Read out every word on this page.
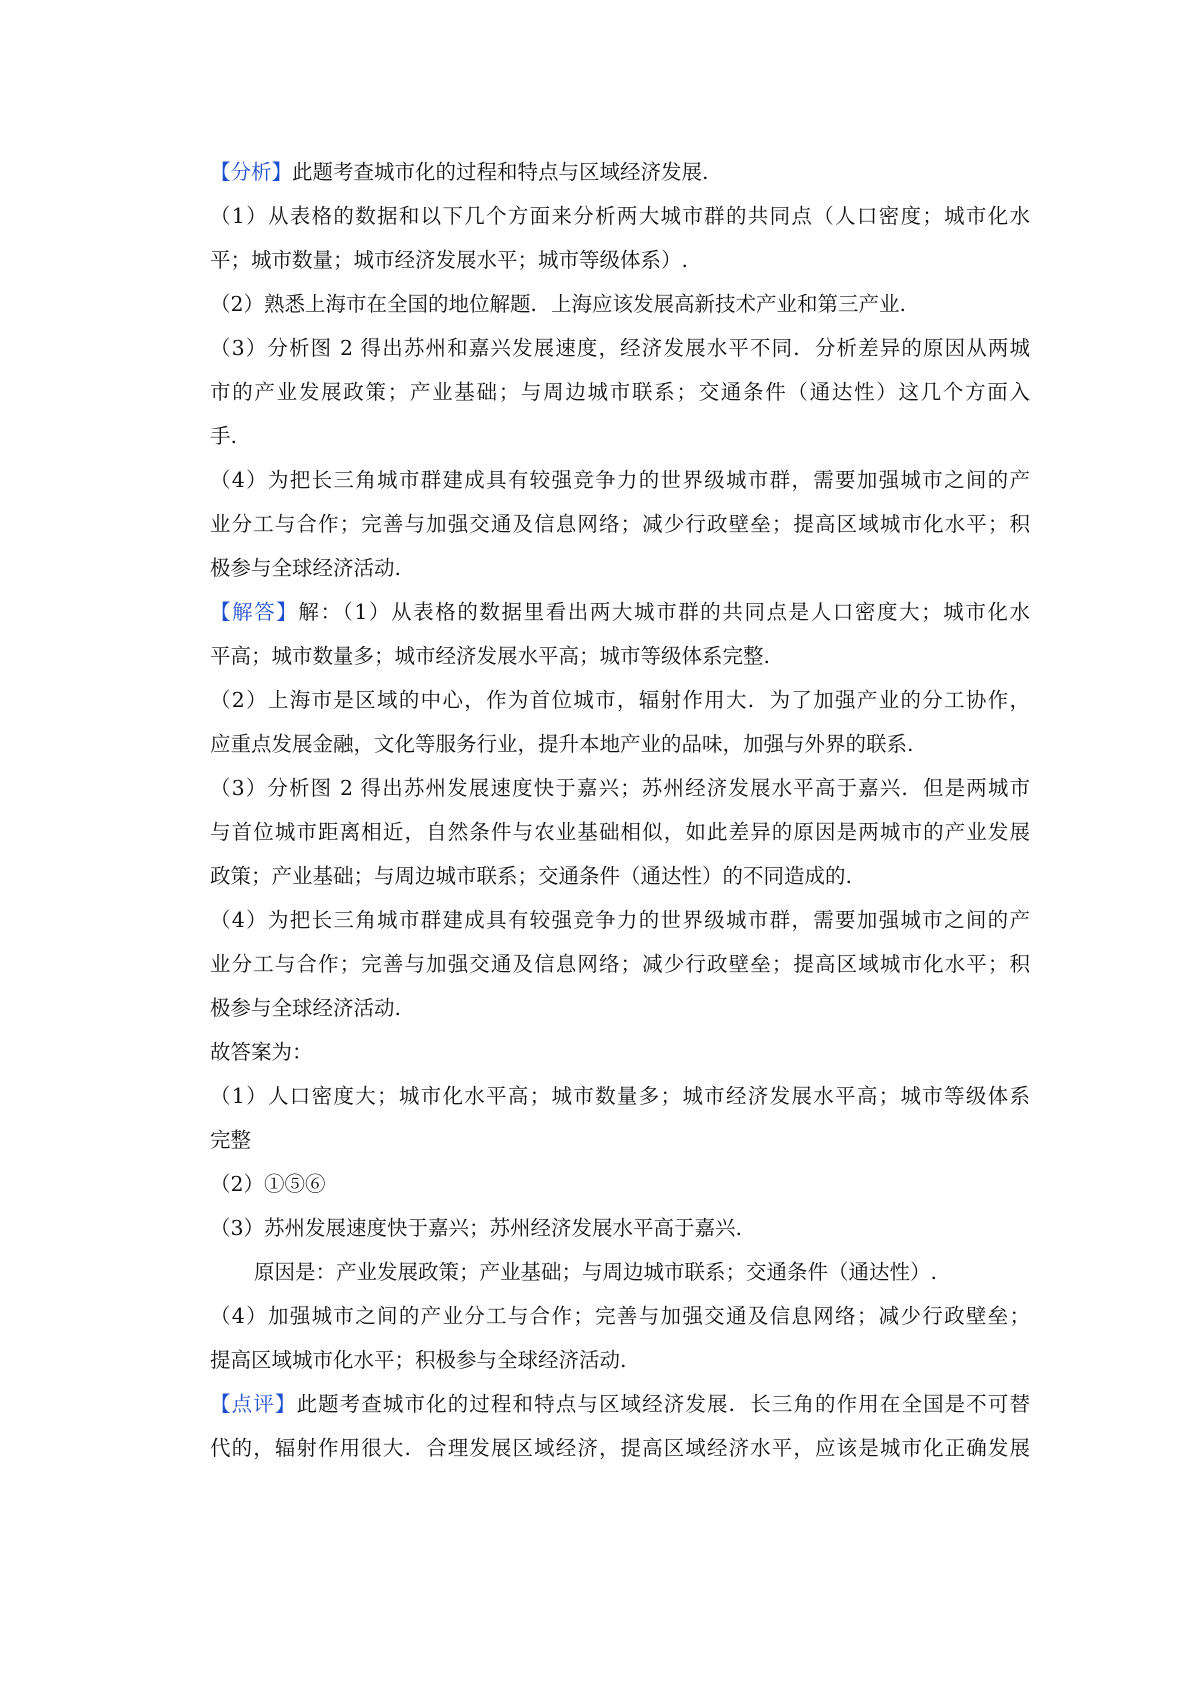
【分析】此题考查城市化的过程和特点与区域经济发展.
（1）从表格的数据和以下几个方面来分析两大城市群的共同点（人口密度；城市化水
平；城市数量；城市经济发展水平；城市等级体系）.
（2）熟悉上海市在全国的地位解题．上海应该发展高新技术产业和第三产业.
（3）分析图 2 得出苏州和嘉兴发展速度，经济发展水平不同．分析差异的原因从两城
市的产业发展政策；产业基础；与周边城市联系；交通条件（通达性）这几个方面入
手.
（4）为把长三角城市群建成具有较强竞争力的世界级城市群，需要加强城市之间的产
业分工与合作；完善与加强交通及信息网络；减少行政壁垒；提高区域城市化水平；积
极参与全球经济活动.
【解答】解：（1）从表格的数据里看出两大城市群的共同点是人口密度大；城市化水
平高；城市数量多；城市经济发展水平高；城市等级体系完整.
（2）上海市是区域的中心，作为首位城市，辐射作用大．为了加强产业的分工协作，
应重点发展金融，文化等服务行业，提升本地产业的品味，加强与外界的联系.
（3）分析图 2 得出苏州发展速度快于嘉兴；苏州经济发展水平高于嘉兴．但是两城市
与首位城市距离相近，自然条件与农业基础相似，如此差异的原因是两城市的产业发展
政策；产业基础；与周边城市联系；交通条件（通达性）的不同造成的.
（4）为把长三角城市群建成具有较强竞争力的世界级城市群，需要加强城市之间的产
业分工与合作；完善与加强交通及信息网络；减少行政壁垒；提高区域城市化水平；积
极参与全球经济活动.
故答案为：
（1）人口密度大；城市化水平高；城市数量多；城市经济发展水平高；城市等级体系
完整
（2）①⑤⑥
（3）苏州发展速度快于嘉兴；苏州经济发展水平高于嘉兴.
原因是：产业发展政策；产业基础；与周边城市联系；交通条件（通达性）.
（4）加强城市之间的产业分工与合作；完善与加强交通及信息网络；减少行政壁垒；
提高区域城市化水平；积极参与全球经济活动.
【点评】此题考查城市化的过程和特点与区域经济发展．长三角的作用在全国是不可替
代的，辐射作用很大．合理发展区域经济，提高区域经济水平，应该是城市化正确发展
